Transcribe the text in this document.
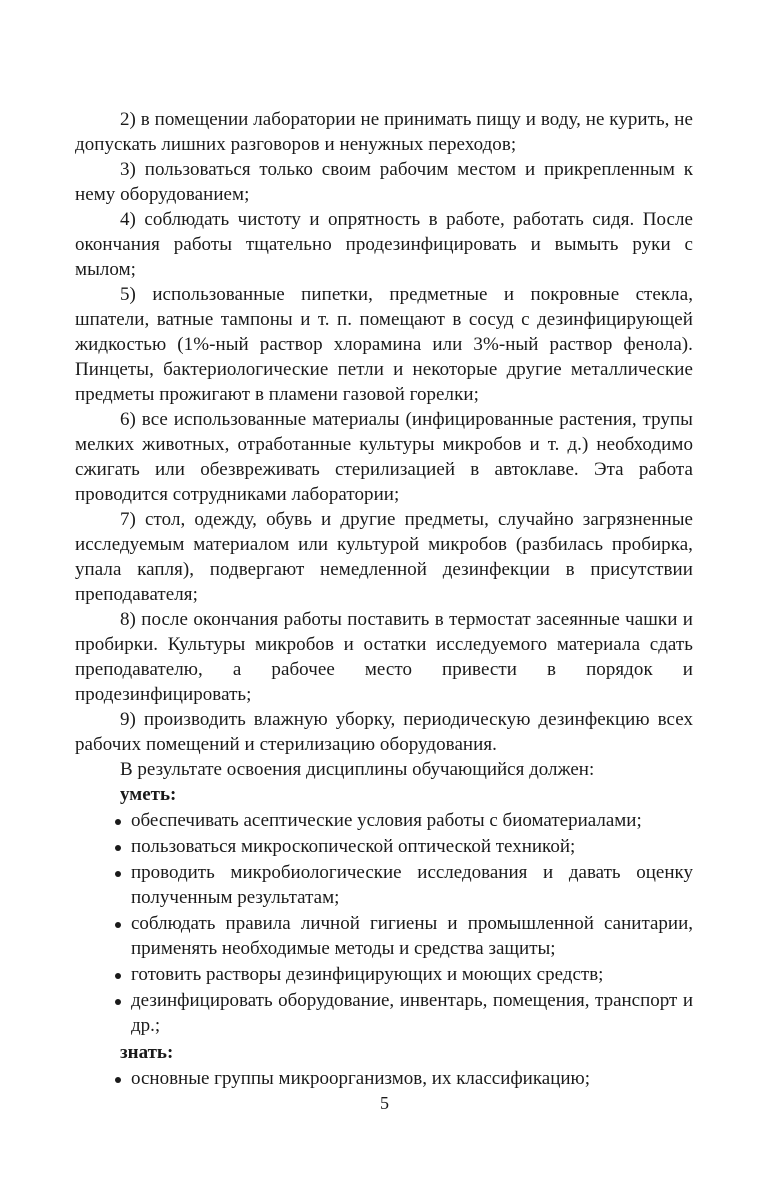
2) в помещении лаборатории не принимать пищу и воду, не курить, не допускать лишних разговоров и ненужных переходов;

3) пользоваться только своим рабочим местом и прикрепленным к нему оборудованием;

4) соблюдать чистоту и опрятность в работе, работать сидя. После окончания работы тщательно продезинфицировать и вымыть руки с мылом;

5) использованные пипетки, предметные и покровные стекла, шпатели, ватные тампоны и т. п. помещают в сосуд с дезинфицирующей жидкостью (1%-ный раствор хлорамина или 3%-ный раствор фенола). Пинцеты, бактериологические петли и некоторые другие металлические предметы прожигают в пламени газовой горелки;

6) все использованные материалы (инфицированные растения, трупы мелких животных, отработанные культуры микробов и т. д.) необходимо сжигать или обезвреживать стерилизацией в автоклаве. Эта работа проводится сотрудниками лаборатории;

7) стол, одежду, обувь и другие предметы, случайно загрязненные исследуемым материалом или культурой микробов (разбилась пробирка, упала капля), подвергают немедленной дезинфекции в присутствии преподавателя;

8) после окончания работы поставить в термостат засеянные чашки и пробирки. Культуры микробов и остатки исследуемого материала сдать преподавателю, а рабочее место привести в порядок и продезинфицировать;

9) производить влажную уборку, периодическую дезинфекцию всех рабочих помещений и стерилизацию оборудования.

В результате освоения дисциплины обучающийся должен:

уметь:

обеспечивать асептические условия работы с биоматериалами;
пользоваться микроскопической оптической техникой;
проводить микробиологические исследования и давать оценку полученным результатам;
соблюдать правила личной гигиены и промышленной санитарии, применять необходимые методы и средства защиты;
готовить растворы дезинфицирующих и моющих средств;
дезинфицировать оборудование, инвентарь, помещения, транспорт и др.;

знать:

основные группы микроорганизмов, их классификацию;
5
